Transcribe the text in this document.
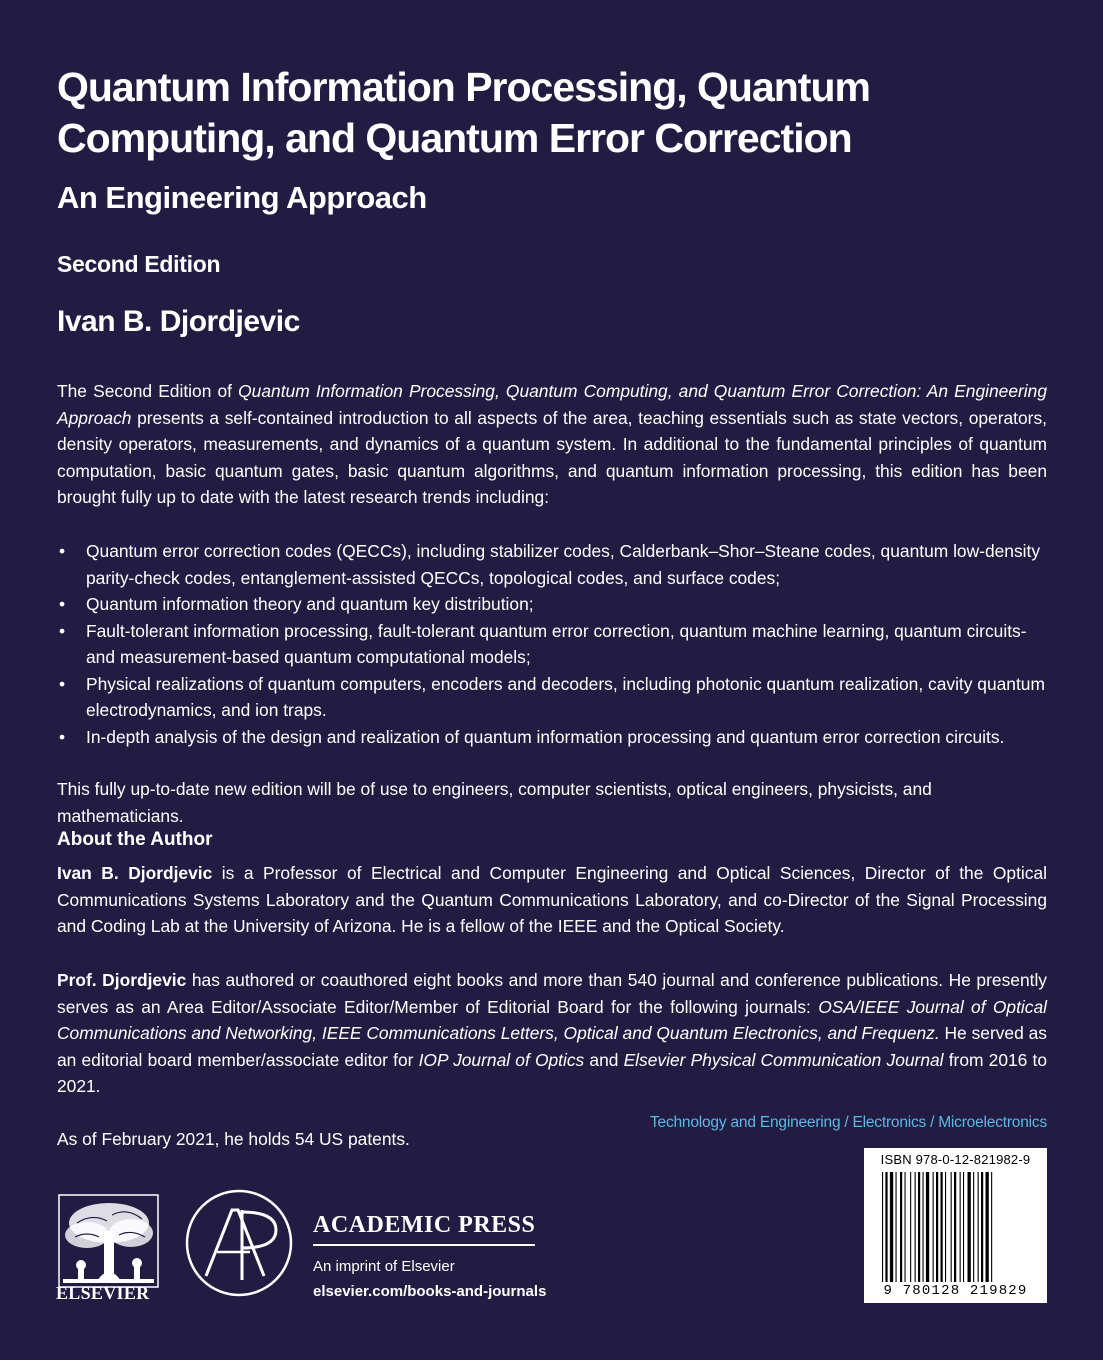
Quantum Information Processing, Quantum Computing, and Quantum Error Correction
An Engineering Approach
Second Edition
Ivan B. Djordjevic

The Second Edition of Quantum Information Processing, Quantum Computing, and Quantum Error Correction: An Engineering Approach presents a self-contained introduction to all aspects of the area, teaching essentials such as state vectors, operators, density operators, measurements, and dynamics of a quantum system. In additional to the fundamental principles of quantum computation, basic quantum gates, basic quantum algorithms, and quantum information processing, this edition has been brought fully up to date with the latest research trends including:

• Quantum error correction codes (QECCs), including stabilizer codes, Calderbank–Shor–Steane codes, quantum low-density parity-check codes, entanglement-assisted QECCs, topological codes, and surface codes;
• Quantum information theory and quantum key distribution;
• Fault-tolerant information processing, fault-tolerant quantum error correction, quantum machine learning, quantum circuits- and measurement-based quantum computational models;
• Physical realizations of quantum computers, encoders and decoders, including photonic quantum realization, cavity quantum electrodynamics, and ion traps.
• In-depth analysis of the design and realization of quantum information processing and quantum error correction circuits.

This fully up-to-date new edition will be of use to engineers, computer scientists, optical engineers, physicists, and mathematicians.

About the Author

Ivan B. Djordjevic is a Professor of Electrical and Computer Engineering and Optical Sciences, Director of the Optical Communications Systems Laboratory and the Quantum Communications Laboratory, and co-Director of the Signal Processing and Coding Lab at the University of Arizona. He is a fellow of the IEEE and the Optical Society.

Prof. Djordjevic has authored or coauthored eight books and more than 540 journal and conference publications. He presently serves as an Area Editor/Associate Editor/Member of Editorial Board for the following journals: OSA/IEEE Journal of Optical Communications and Networking, IEEE Communications Letters, Optical and Quantum Electronics, and Frequenz. He served as an editorial board member/associate editor for IOP Journal of Optics and Elsevier Physical Communication Journal from 2016 to 2021.

As of February 2021, he holds 54 US patents.

Technology and Engineering / Electronics / Microelectronics
ISBN 978-0-12-821982-9
9 780128 219829
ELSEVIER
ACADEMIC PRESS
An imprint of Elsevier
elsevier.com/books-and-journals
